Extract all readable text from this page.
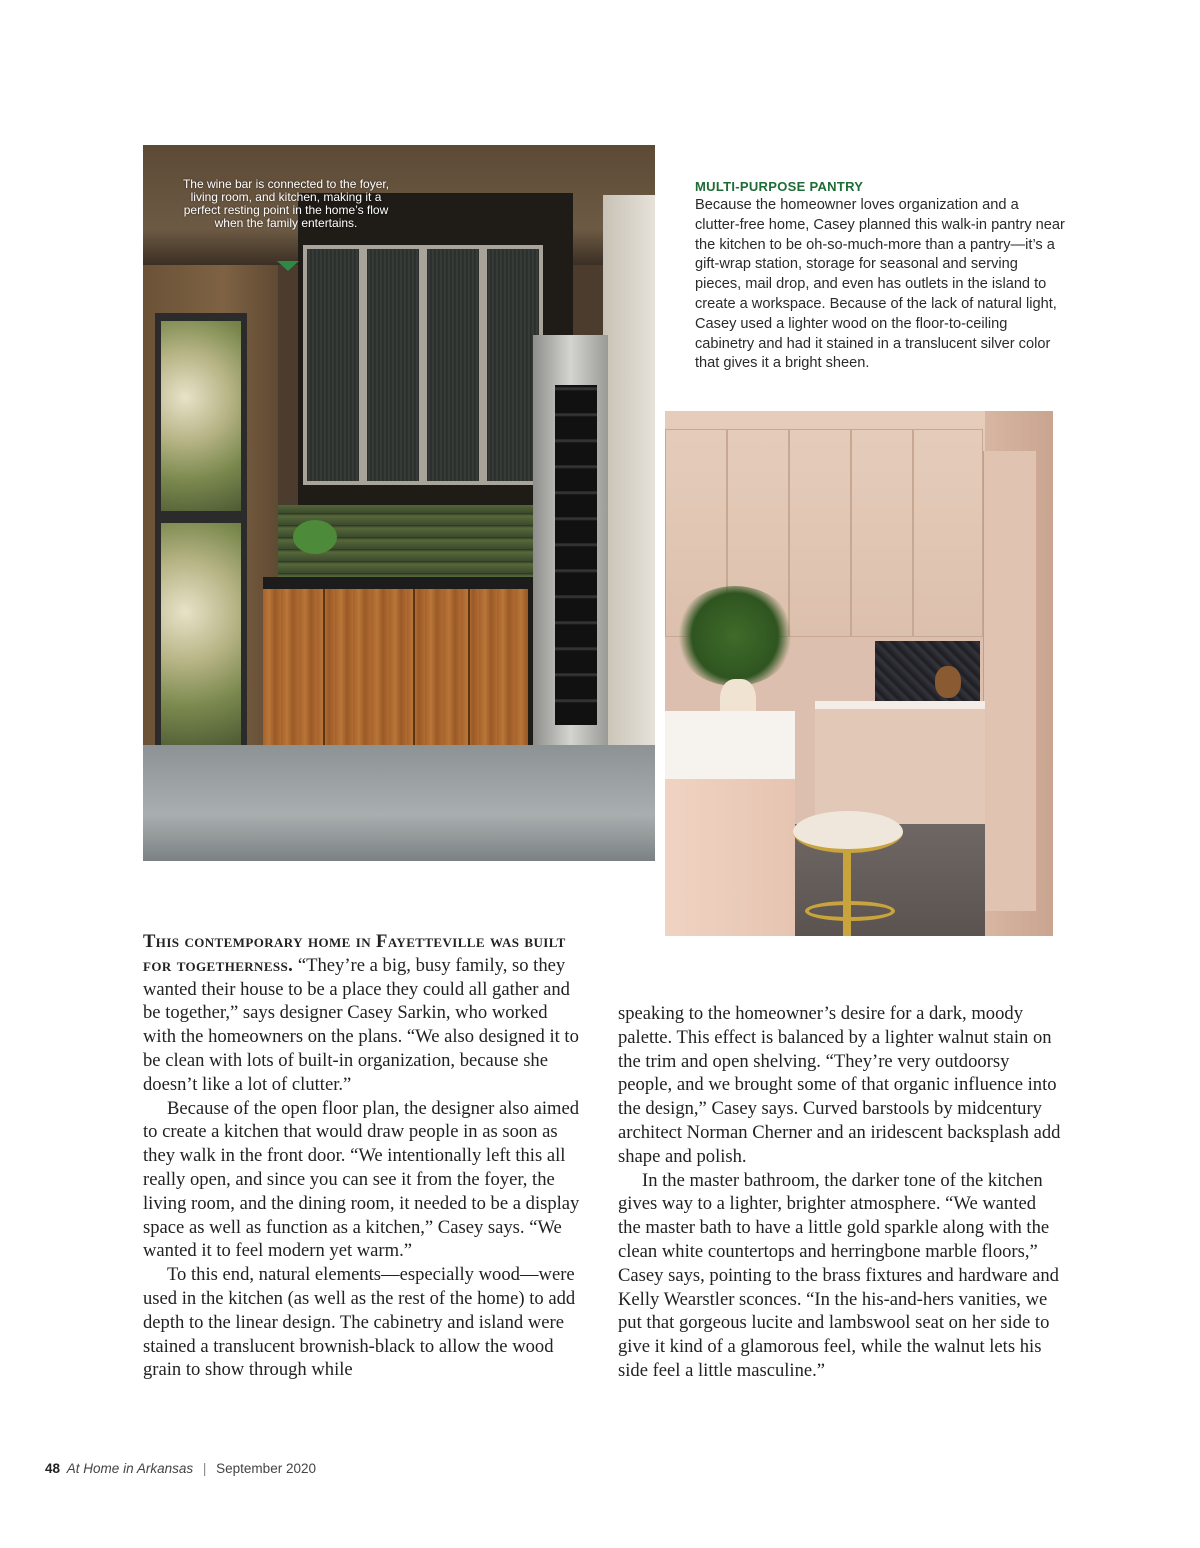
The wine bar is connected to the foyer, living room, and kitchen, making it a perfect resting point in the home’s flow when the family entertains.
MULTI-PURPOSE PANTRY

Because the homeowner loves organization and a clutter-free home, Casey planned this walk-in pantry near the kitchen to be oh-so-much-more than a pantry—it’s a gift-wrap station, storage for seasonal and serving pieces, mail drop, and even has outlets in the island to create a workspace. Because of the lack of natural light, Casey used a lighter wood on the floor-to-ceiling cabinetry and had it stained in a translucent silver color that gives it a bright sheen.

This contemporary home in Fayetteville was built for togetherness. “They’re a big, busy family, so they wanted their house to be a place they could all gather and be together,” says designer Casey Sarkin, who worked with the homeowners on the plans. “We also designed it to be clean with lots of built-in organization, because she doesn’t like a lot of clutter.”

Because of the open floor plan, the designer also aimed to create a kitchen that would draw people in as soon as they walk in the front door. “We intentionally left this all really open, and since you can see it from the foyer, the living room, and the dining room, it needed to be a display space as well as function as a kitchen,” Casey says. “We wanted it to feel modern yet warm.”

To this end, natural elements—especially wood—were used in the kitchen (as well as the rest of the home) to add depth to the linear design. The cabinetry and island were stained a translucent brownish-black to allow the wood grain to show through while

speaking to the homeowner’s desire for a dark, moody palette. This effect is balanced by a lighter walnut stain on the trim and open shelving. “They’re very outdoorsy people, and we brought some of that organic influence into the design,” Casey says. Curved barstools by midcentury architect Norman Cherner and an iridescent backsplash add shape and polish.

In the master bathroom, the darker tone of the kitchen gives way to a lighter, brighter atmosphere. “We wanted the master bath to have a little gold sparkle along with the clean white countertops and herringbone marble floors,” Casey says, pointing to the brass fixtures and hardware and Kelly Wearstler sconces. “In the his-and-hers vanities, we put that gorgeous lucite and lambswool seat on her side to give it kind of a glamorous feel, while the walnut lets his side feel a little masculine.”

48 At Home in Arkansas | September 2020
